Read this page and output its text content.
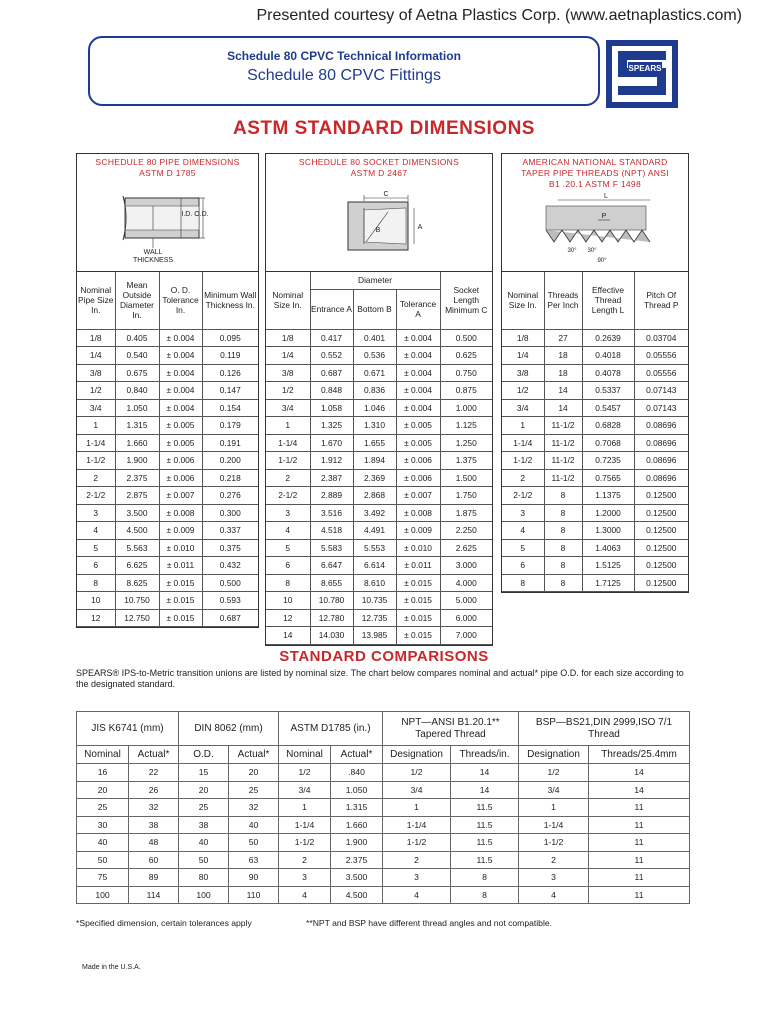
Presented courtesy of Aetna Plastics Corp. (www.aetnaplastics.com)
Schedule 80 CPVC Technical Information
Schedule 80 CPVC Fittings	SPEARS
ASTM STANDARD DIMENSIONS
SCHEDULE 80 PIPE DIMENSIONS
ASTM D 1785
I.D. O.D.
WALL
THICKNESS
Nominal Pipe Size In.	Mean Outside Diameter In.	O. D. Tolerance In.	Minimum Wall Thickness In.
1/8	0.405	± 0.004	0.095
1/4	0.540	± 0.004	0.119
3/8	0.675	± 0.004	0.126
1/2	0.840	± 0.004	0.147
3/4	1.050	± 0.004	0.154
1	1.315	± 0.005	0.179
1-1/4	1.660	± 0.005	0.191
1-1/2	1.900	± 0.006	0.200
2	2.375	± 0.006	0.218
2-1/2	2.875	± 0.007	0.276
3	3.500	± 0.008	0.300
4	4.500	± 0.009	0.337
5	5.563	± 0.010	0.375
6	6.625	± 0.011	0.432
8	8.625	± 0.015	0.500
10	10.750	± 0.015	0.593
12	12.750	± 0.015	0.687
SCHEDULE 80 SOCKET DIMENSIONS
ASTM D 2467
C
B	A
Nominal Size In.	Diameter			Socket Length Minimum C
	Entrance A	Bottom B	Tolerance A	
1/8	0.417	0.401	± 0.004	0.500
1/4	0.552	0.536	± 0.004	0.625
3/8	0.687	0.671	± 0.004	0.750
1/2	0.848	0.836	± 0.004	0.875
3/4	1.058	1.046	± 0.004	1.000
1	1.325	1.310	± 0.005	1.125
1-1/4	1.670	1.655	± 0.005	1.250
1-1/2	1.912	1.894	± 0.006	1.375
2	2.387	2.369	± 0.006	1.500
2-1/2	2.889	2.868	± 0.007	1.750
3	3.516	3.492	± 0.008	1.875
4	4.518	4.491	± 0.009	2.250
5	5.583	5.553	± 0.010	2.625
6	6.647	6.614	± 0.011	3.000
8	8.655	8.610	± 0.015	4.000
10	10.780	10.735	± 0.015	5.000
12	12.780	12.735	± 0.015	6.000
14	14.030	13.985	± 0.015	7.000
AMERICAN NATIONAL STANDARD
TAPER PIPE THREADS (NPT) ANSI
B1 .20.1 ASTM F 1498
L
P
30° 30°
90°
Nominal Size In.	Threads Per Inch	Effective Thread Length L	Pitch Of Thread P
1/8	27	0.2639	0.03704
1/4	18	0.4018	0.05556
3/8	18	0.4078	0.05556
1/2	14	0.5337	0.07143
3/4	14	0.5457	0.07143
1	11-1/2	0.6828	0.08696
1-1/4	11-1/2	0.7068	0.08696
1-1/2	11-1/2	0.7235	0.08696
2	11-1/2	0.7565	0.08696
2-1/2	8	1.1375	0.12500
3	8	1.2000	0.12500
4	8	1.3000	0.12500
5	8	1.4063	0.12500
6	8	1.5125	0.12500
8	8	1.7125	0.12500
STANDARD COMPARISONS
SPEARS® IPS-to-Metric transition unions are listed by nominal size. The chart below compares nominal and actual* pipe O.D. for each size according to the designated standard.
JIS K6741 (mm)		DIN 8062 (mm)		ASTM D1785 (in.)		NPT—ANSI B1.20.1** Tapered Thread		BSP—BS21,DIN 2999,ISO 7/1 Thread	
Nominal	Actual*	O.D.	Actual*	Nominal	Actual*	Designation	Threads/in.	Designation	Threads/25.4mm
16	22	15	20	1/2	.840	1/2	14	1/2	14
20	26	20	25	3/4	1.050	3/4	14	3/4	14
25	32	25	32	1	1.315	1	11.5	1	11
30	38	38	40	1-1/4	1.660	1-1/4	11.5	1-1/4	11
40	48	40	50	1-1/2	1.900	1-1/2	11.5	1-1/2	11
50	60	50	63	2	2.375	2	11.5	2	11
75	89	80	90	3	3.500	3	8	3	11
100	114	100	110	4	4.500	4	8	4	11
*Specified dimension, certain tolerances apply	**NPT and BSP have different thread angles and not compatible.
Made in the U.S.A.
